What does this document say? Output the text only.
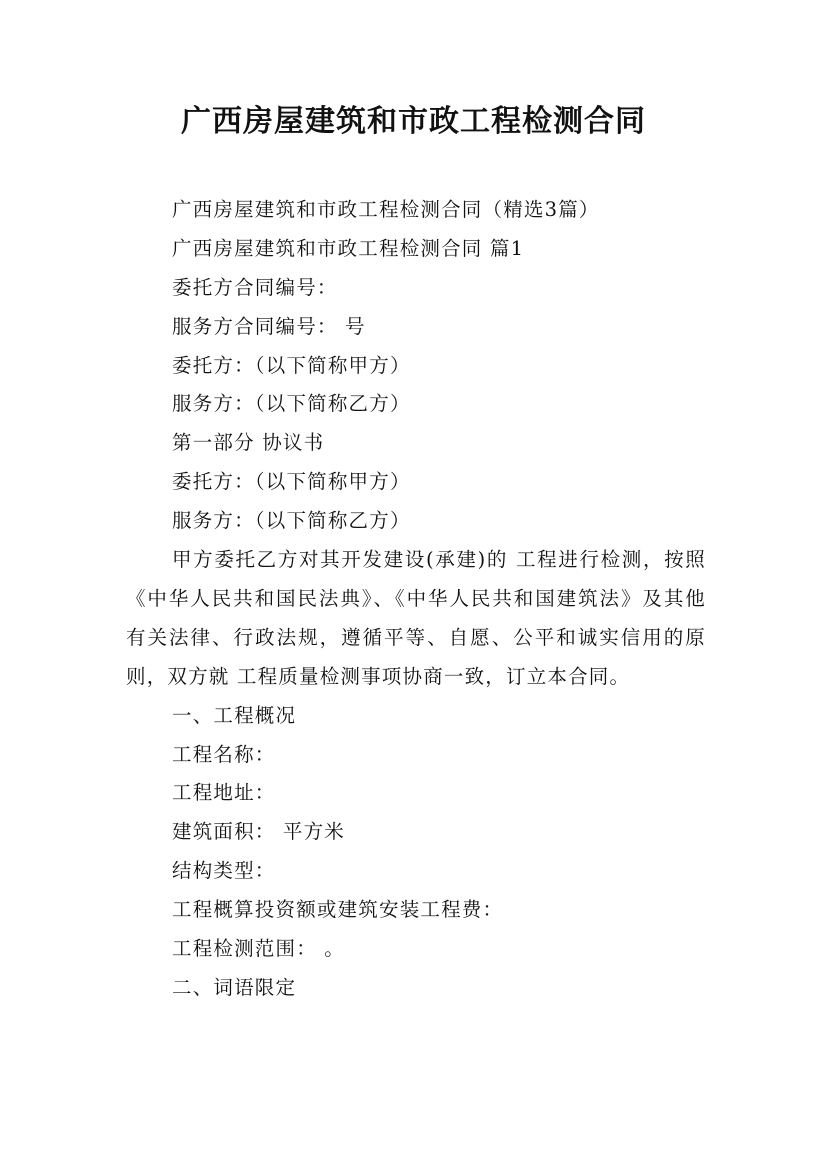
广西房屋建筑和市政工程检测合同
广西房屋建筑和市政工程检测合同（精选3篇）
广西房屋建筑和市政工程检测合同 篇1
委托方合同编号：
服务方合同编号： 号
委托方：（以下简称甲方）
服务方：（以下简称乙方）
第一部分 协议书
委托方：（以下简称甲方）
服务方：（以下简称乙方）
甲方委托乙方对其开发建设(承建)的 工程进行检测，按照《中华人民共和国民法典》、《中华人民共和国建筑法》及其他有关法律、行政法规，遵循平等、自愿、公平和诚实信用的原则，双方就 工程质量检测事项协商一致，订立本合同。
一、工程概况
工程名称：
工程地址：
建筑面积： 平方米
结构类型：
工程概算投资额或建筑安装工程费：
工程检测范围： 。
二、词语限定
